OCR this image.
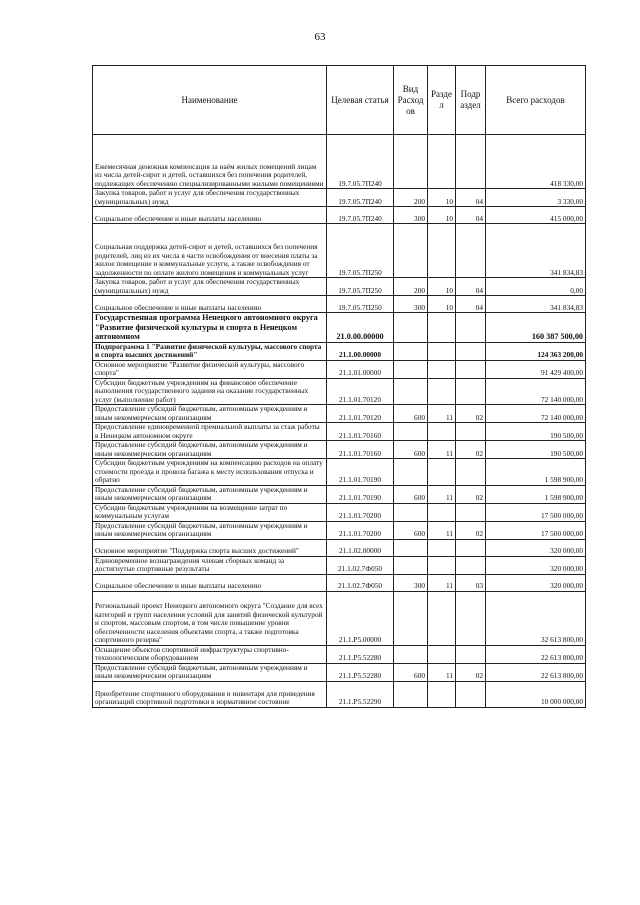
63
Наименование	Целевая статья	Вид Расход ов	Разде л	Подр аздел	Всего расходов
Ежемесячная денежная компенсация за наём жилых помещений лицам из числа детей-сирот и детей, оставшихся без попечения родителей, подлежащих обеспечению специализированными жилыми помещениями	19.7.05.7П240				418 330,00
Закупка товаров, работ и услуг для обеспечения государственных (муниципальных) нужд	19.7.05.7П240	200	10	04	3 330,00
Социальное обеспечение и иные выплаты населению	19.7.05.7П240	300	10	04	415 000,00
Социальная поддержка детей-сирот и детей, оставшихся без попечения родителей, лиц из их числа в части освобождения от внесения платы за жилое помещение и коммунальные услуги, а также освобождения от задолженности по оплате жилого помещения и коммунальных услуг	19.7.05.7П250				341 834,83
Закупка товаров, работ и услуг для обеспечения государственных (муниципальных) нужд	19.7.05.7П250	200	10	04	0,00
Социальное обеспечение и иные выплаты населению	19.7.05.7П250	300	10	04	341 834,83
Государственная программа Ненецкого автономного округа "Развитие физической культуры и спорта в Ненецком автономном	21.0.00.00000				160 387 500,00
Подпрограмма 1 "Развитие физической культуры, массового спорта и спорта высших достижений"	21.1.00.00000				124 363 200,00
Основное мероприятие "Развитие физической культуры, массового спорта"	21.1.01.00000				91 429 400,00
Субсидии бюджетным учреждениям на финансовое обеспечение выполнения государственного задания на оказание государственных услуг (выполнение работ)	21.1.01.70120				72 140 000,00
Предоставление субсидий бюджетным, автономным учреждениям и иным некоммерческим организациям	21.1.01.70120	600	11	02	72 140 000,00
Предоставление единовременной премиальной выплаты за стаж работы в Ненецком автономном округе	21.1.01.70160				190 500,00
Предоставление субсидий бюджетным, автономным учреждениям и иным некоммерческим организациям	21.1.01.70160	600	11	02	190 500,00
Субсидии бюджетным учреждениям на компенсацию расходов на оплату стоимости проезда и провоза багажа к месту использования отпуска и обратно	21.1.01.70190				1 598 900,00
Предоставление субсидий бюджетным, автономным учреждениям и иным некоммерческим организациям	21.1.01.70190	600	11	02	1 598 900,00
Субсидии бюджетным учреждениям на возмещение затрат по коммунальным услугам	21.1.01.70200				17 500 000,00
Предоставление субсидий бюджетным, автономным учреждениям и иным некоммерческим организациям	21.1.01.70200	600	11	02	17 500 000,00
Основное мероприятие "Поддержка спорта высших достижений"	21.1.02.00000				320 000,00
Единовременное вознаграждения членам сборных команд за достигнутые спортивные результаты	21.1.02.7Ф050				320 000,00
Социальное обеспечение и иные выплаты населению	21.1.02.7Ф050	300	11	03	320 000,00
Региональный проект Ненецкого автономного округа "Создание для всех категорий и групп населения условий для занятий физической культурой и спортом, массовым спортом, в том числе повышение уровня обеспеченности населения объектами спорта, а также подготовка спортивного резерва"	21.1.P5.00000				32 613 800,00
Оснащение объектов спортивной инфраструктуры спортивно-технологическим оборудованием	21.1.P5.52280				22 613 800,00
Предоставление субсидий бюджетным, автономным учреждениям и иным некоммерческим организациям	21.1.P5.52280	600	11	02	22 613 800,00
Приобретение спортивного оборудования и инвентаря для приведения организаций спортивной подготовки в нормативное состояние	21.1.P5.52290				10 000 000,00
